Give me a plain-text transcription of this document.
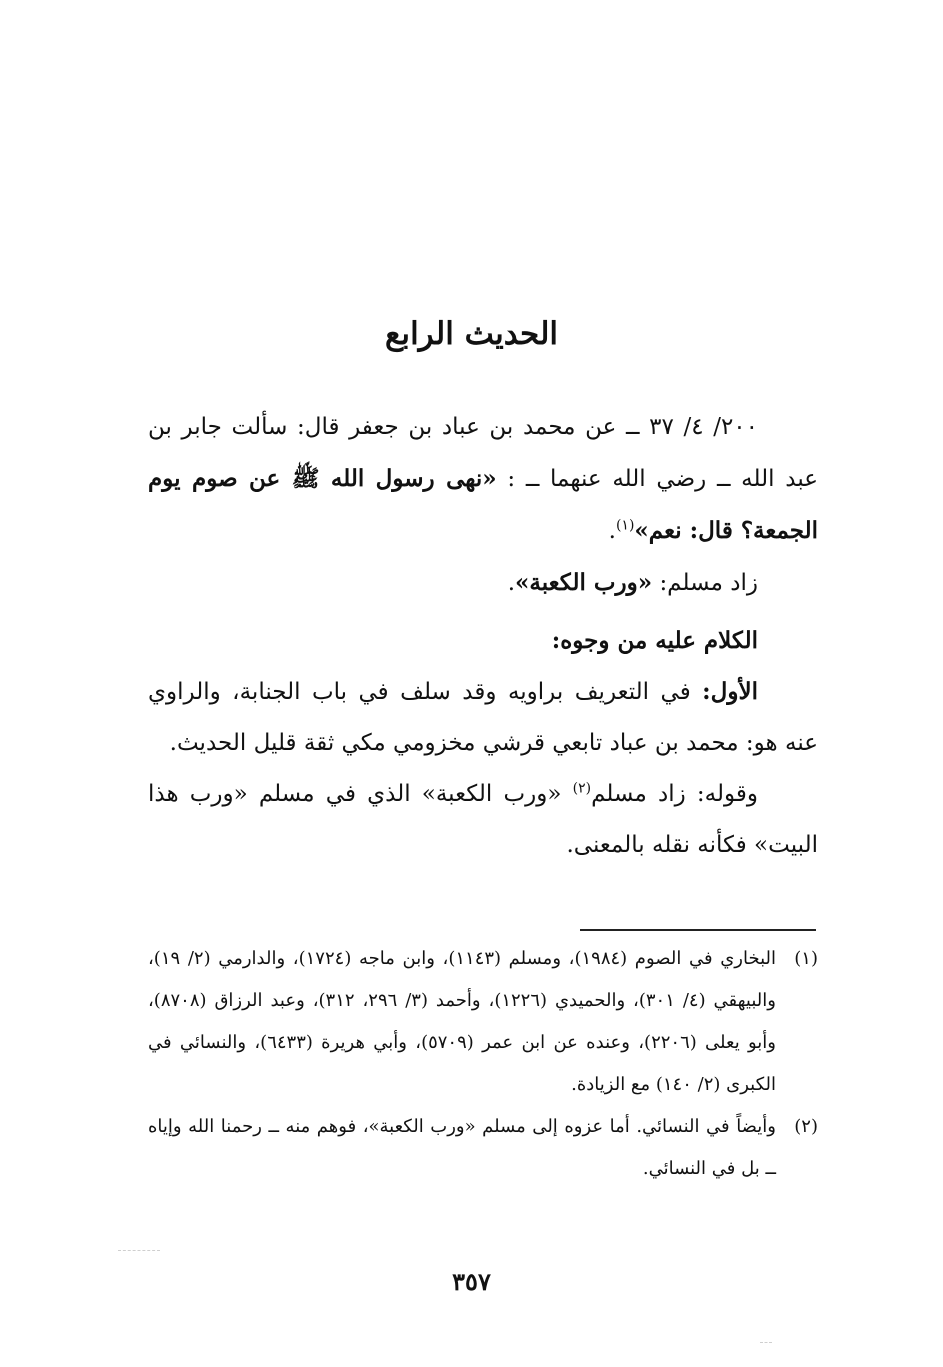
الحديث الرابع

٢٠٠/ ٤/ ٣٧ ــ عن محمد بن عباد بن جعفر قال: سألت جابر بن عبد الله ــ رضي الله عنهما ــ : «نهى رسول الله ﷺ عن صوم يوم الجمعة؟ قال: نعم»$^{(١)}$.

زاد مسلم: «ورب الكعبة».

الكلام عليه من وجوه:

الأول: في التعريف براويه وقد سلف في باب الجنابة، والراوي عنه هو: محمد بن عباد تابعي قرشي مخزومي مكي ثقة قليل الحديث.

وقوله: زاد مسلم$^{(٢)}$ «ورب الكعبة» الذي في مسلم «ورب هذا البيت» فكأنه نقله بالمعنى.

(١)
البخاري في الصوم (١٩٨٤)، ومسلم (١١٤٣)، وابن ماجه (١٧٢٤)، والدارمي (٢/ ١٩)، والبيهقي (٤/ ٣٠١)، والحميدي (١٢٢٦)، وأحمد (٣/ ٢٩٦، ٣١٢)، وعبد الرزاق (٨٧٠٨)، وأبو يعلى (٢٢٠٦)، وعنده عن ابن عمر (٥٧٠٩)، وأبي هريرة (٦٤٣٣)، والنسائي في الكبرى (٢/ ١٤٠) مع الزيادة.
(٢)
وأيضاً في النسائي. أما عزوه إلى مسلم «ورب الكعبة»، فوهم منه ــ رحمنا الله وإياه ــ بل في النسائي.
٣٥٧
